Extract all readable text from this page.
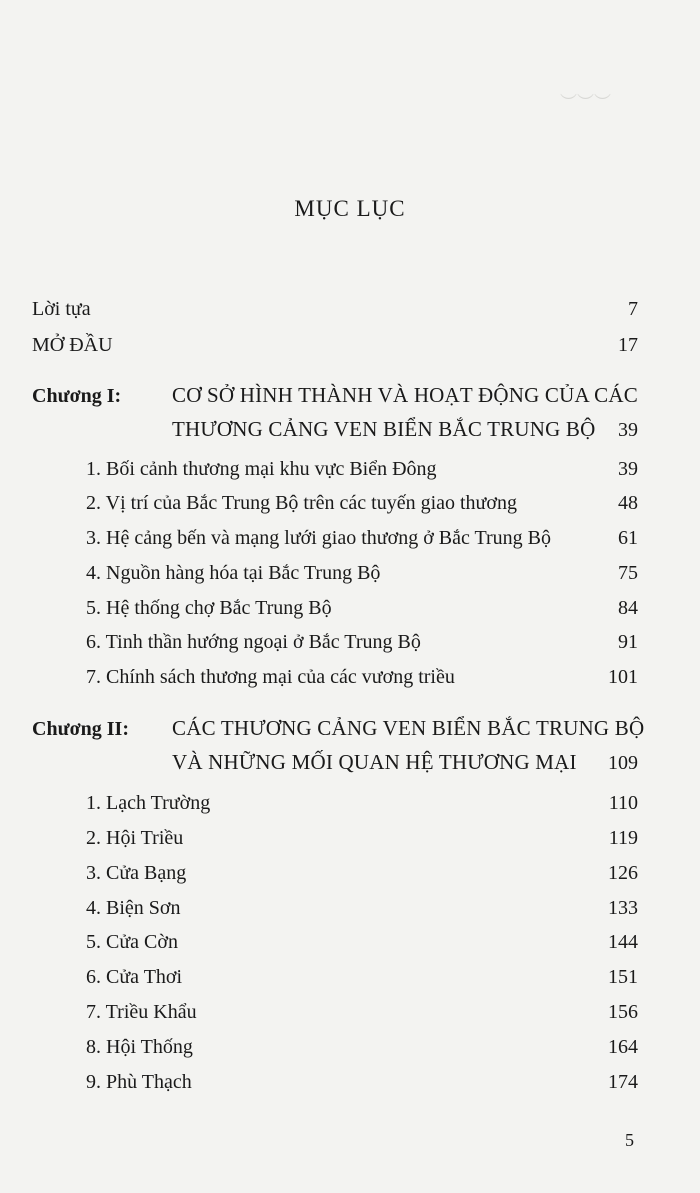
︶︶︶
MỤC LỤC
Lời tựa	7
MỞ ĐẦU	17
Chương I: CƠ SỞ HÌNH THÀNH VÀ HOẠT ĐỘNG CỦA CÁC
THƯƠNG CẢNG VEN BIỂN BẮC TRUNG BỘ 39
1. Bối cảnh thương mại khu vực Biển Đông	39
2. Vị trí của Bắc Trung Bộ trên các tuyến giao thương	48
3. Hệ cảng bến và mạng lưới giao thương ở Bắc Trung Bộ	61
4. Nguồn hàng hóa tại Bắc Trung Bộ	75
5. Hệ thống chợ Bắc Trung Bộ	84
6. Tinh thần hướng ngoại ở Bắc Trung Bộ	91
7. Chính sách thương mại của các vương triều	101
Chương II: CÁC THƯƠNG CẢNG VEN BIỂN BẮC TRUNG BỘ
VÀ NHỮNG MỐI QUAN HỆ THƯƠNG MẠI 109
1. Lạch Trường	110
2. Hội Triều	119
3. Cửa Bạng	126
4. Biện Sơn	133
5. Cửa Cờn	144
6. Cửa Thơi	151
7. Triều Khẩu	156
8. Hội Thống	164
9. Phù Thạch	174
5
